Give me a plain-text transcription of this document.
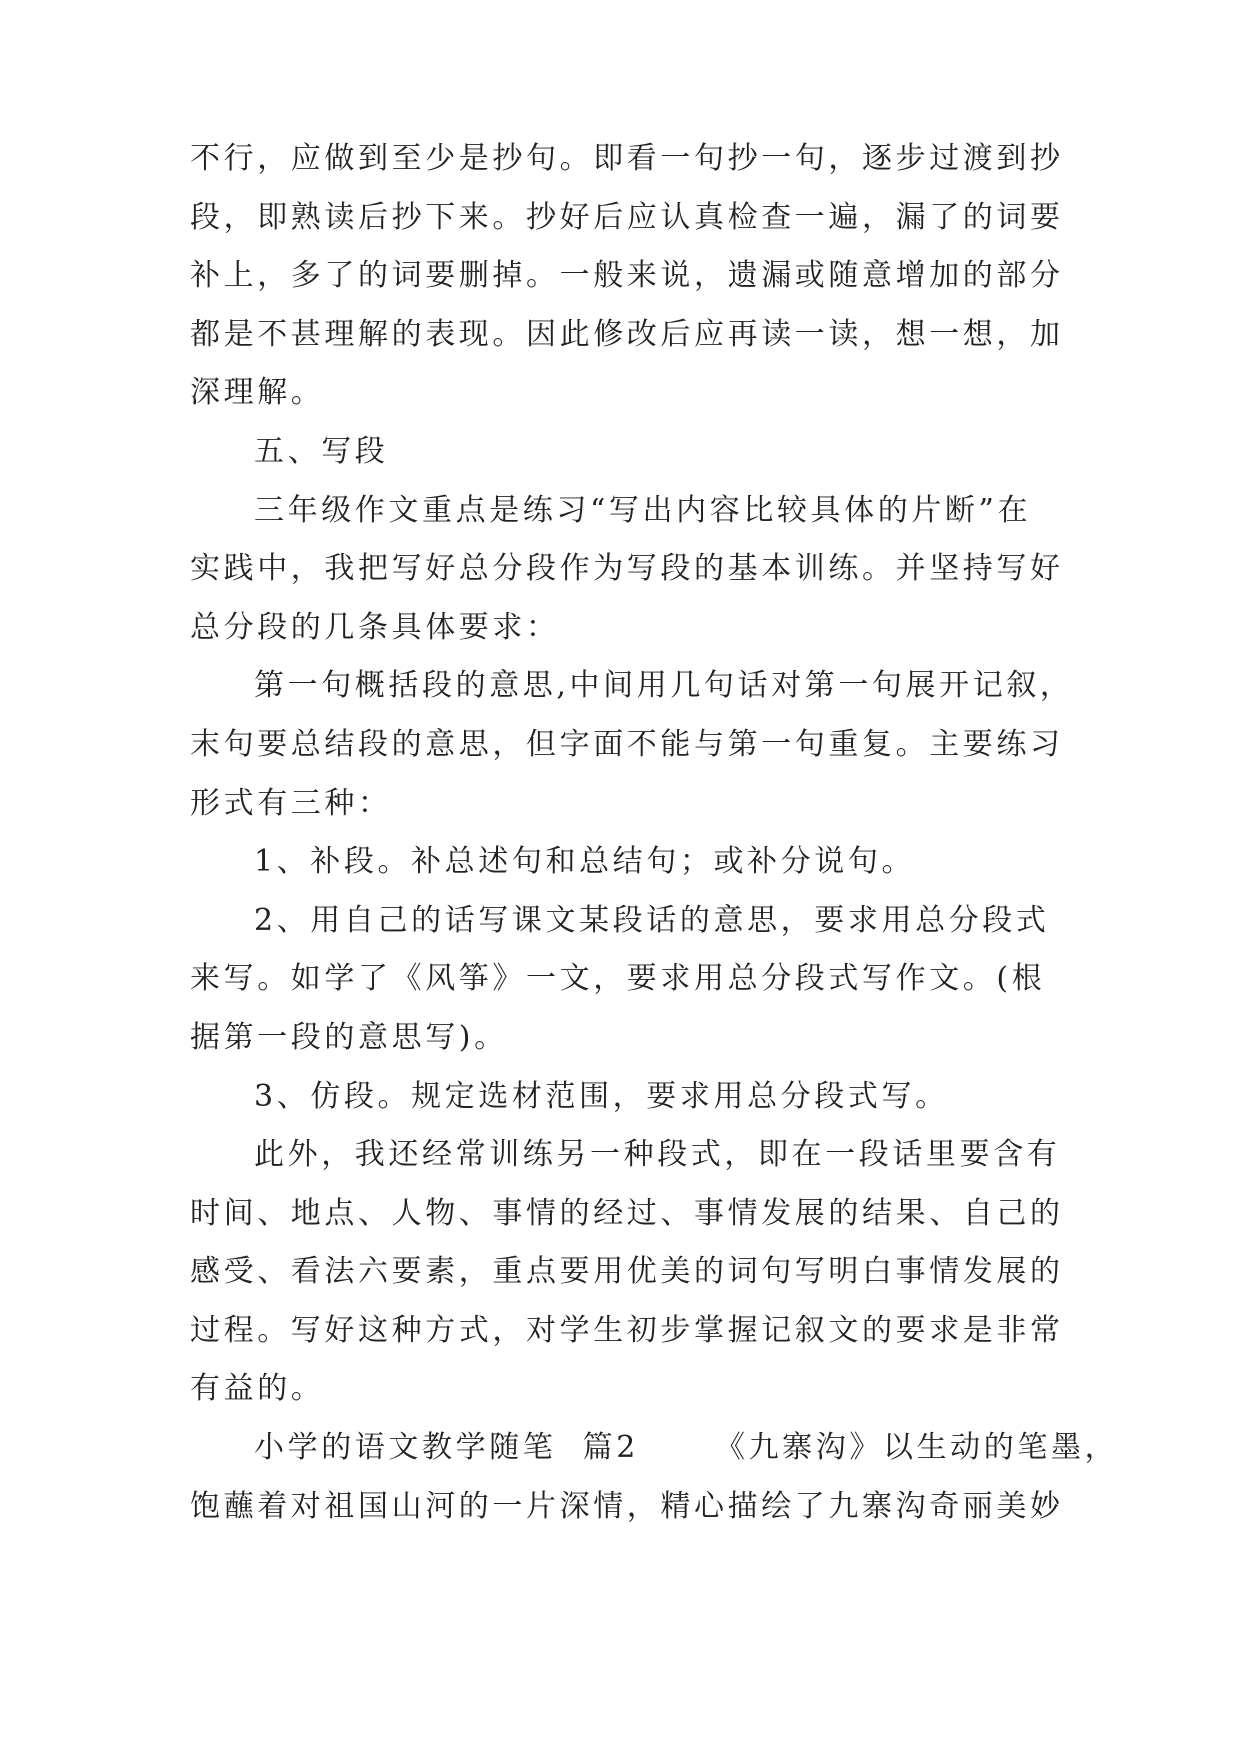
不行，应做到至少是抄句。即看一句抄一句，逐步过渡到抄
段，即熟读后抄下来。抄好后应认真检查一遍，漏了的词要
补上，多了的词要删掉。一般来说，遗漏或随意增加的部分
都是不甚理解的表现。因此修改后应再读一读，想一想，加
深理解。
五、写段
三年级作文重点是练习“写出内容比较具体的片断”在
实践中，我把写好总分段作为写段的基本训练。并坚持写好
总分段的几条具体要求：
第一句概括段的意思,中间用几句话对第一句展开记叙，
末句要总结段的意思，但字面不能与第一句重复。主要练习
形式有三种：
1、补段。补总述句和总结句；或补分说句。
2、用自己的话写课文某段话的意思，要求用总分段式
来写。如学了《风筝》一文，要求用总分段式写作文。(根
据第一段的意思写)。
3、仿段。规定选材范围，要求用总分段式写。
此外，我还经常训练另一种段式，即在一段话里要含有
时间、地点、人物、事情的经过、事情发展的结果、自己的
感受、看法六要素，重点要用优美的词句写明白事情发展的
过程。写好这种方式，对学生初步掌握记叙文的要求是非常
有益的。
小学的语文教学随笔  篇2	《九寨沟》以生动的笔墨，
饱蘸着对祖国山河的一片深情，精心描绘了九寨沟奇丽美妙
